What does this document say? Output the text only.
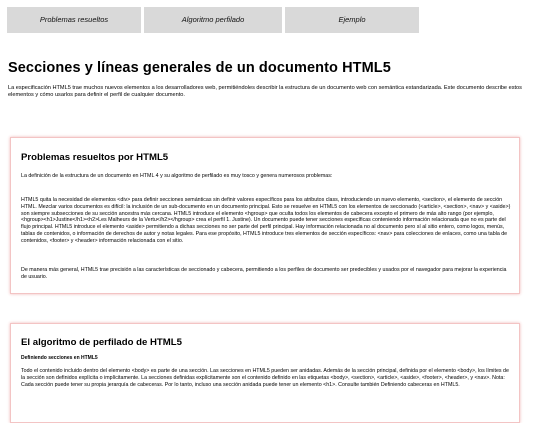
Problemas resueltos	Algoritmo perfilado	Ejemplo
Secciones y líneas generales de un documento HTML5

La especificación HTML5 trae muchos nuevos elementos a los desarrolladores web, permitiéndoles describir la estructura de un documento web con semántica estandarizada. Este documento describe estos elementos y cómo usarlos para definir el perfil de cualquier documento.

Problemas resueltos por HTML5

La definición de la estructura de un documento en HTML 4 y su algoritmo de perfilado es muy tosco y genera numerosos problemas:

HTML5 quita la necesidad de elementos <div> para definir secciones semánticas sin definir valores específicos para los atributos class, introduciendo un nuevo elemento, <section>, el elemento de sección HTML. Mezclar varios documentos es difícil: la inclusión de un sub-documento en un documento principal. Esto se resuelve en HTML5 con los elementos de seccionado (<article>, <section>, <nav> y <aside>) son siempre subsecciones de su sección ancestra más cercana. HTML5 introduce el elemento <hgroup> que oculta todos los elementos de cabecera excepto el primero de más alto rango (por ejemplo, <hgroup><h1>Justine</h1><h2>Les Malheurs de la Vertu</h2></hgroup> crea el perfil 1. Justine). Un documento puede tener secciones específicas conteniendo información relacionada que no es parte del flujo principal. HTML5 introduce el elemento <aside> permitiendo a dichas secciones no ser parte del perfil principal. Hay información relacionada no al documento pero sí al sitio entero, como logos, menús, tablas de contenidos, o información de derechos de autor y notas legales. Para ese propósito, HTML5 introduce tres elementos de sección específicos: <nav> para colecciones de enlaces, como una tabla de contenidos, <footer> y <header> información relacionada con el sitio.

De manera más general, HTML5 trae precisión a las características de seccionado y cabecera, permitiendo a los perfiles de documento ser predecibles y usados por el navegador para mejorar la experiencia de usuario.

El algoritmo de perfilado de HTML5
Definiendo secciones en HTML5

Todo el contenido incluido dentro del elemento <body> es parte de una sección. Las secciones en HTML5 pueden ser anidadas. Además de la sección principal, definida por el elemento <body>, los límites de la sección son definidos explícita o implícitamente. La secciones definidas explícitamente son el contenido definido en las etiquetas <body>, <section>, <article>, <aside>, <footer>, <header>, y <nav>. Nota: Cada sección puede tener su propia jerarquía de cabeceras. Por lo tanto, incluso una sección anidada puede tener un elemento <h1>. Consulte también Definiendo cabeceras en HTML5.
